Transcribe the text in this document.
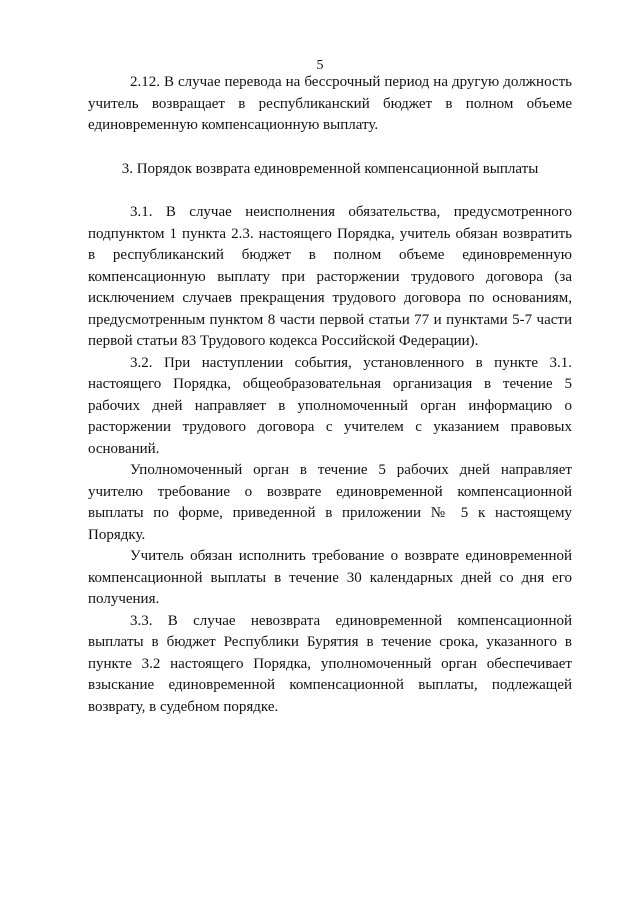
5

2.12. В случае перевода на бессрочный период на другую должность учитель возвращает в республиканский бюджет в полном объеме единовременную компенсационную выплату.

3. Порядок возврата единовременной компенсационной выплаты

3.1. В случае неисполнения обязательства, предусмотренного подпунктом 1 пункта 2.3. настоящего Порядка, учитель обязан возвратить в республиканский бюджет в полном объеме единовременную компенсационную выплату при расторжении трудового договора (за исключением случаев прекращения трудового договора по основаниям, предусмотренным пунктом 8 части первой статьи 77 и пунктами 5-7 части первой статьи 83 Трудового кодекса Российской Федерации).

3.2. При наступлении события, установленного в пункте 3.1. настоящего Порядка, общеобразовательная организация в течение 5 рабочих дней направляет в уполномоченный орган информацию о расторжении трудового договора с учителем с указанием правовых оснований.

Уполномоченный орган в течение 5 рабочих дней направляет учителю требование о возврате единовременной компенсационной выплаты по форме, приведенной в приложении № 5 к настоящему Порядку.

Учитель обязан исполнить требование о возврате единовременной компенсационной выплаты в течение 30 календарных дней со дня его получения.

3.3. В случае невозврата единовременной компенсационной выплаты в бюджет Республики Бурятия в течение срока, указанного в пункте 3.2 настоящего Порядка, уполномоченный орган обеспечивает взыскание единовременной компенсационной выплаты, подлежащей возврату, в судебном порядке.
